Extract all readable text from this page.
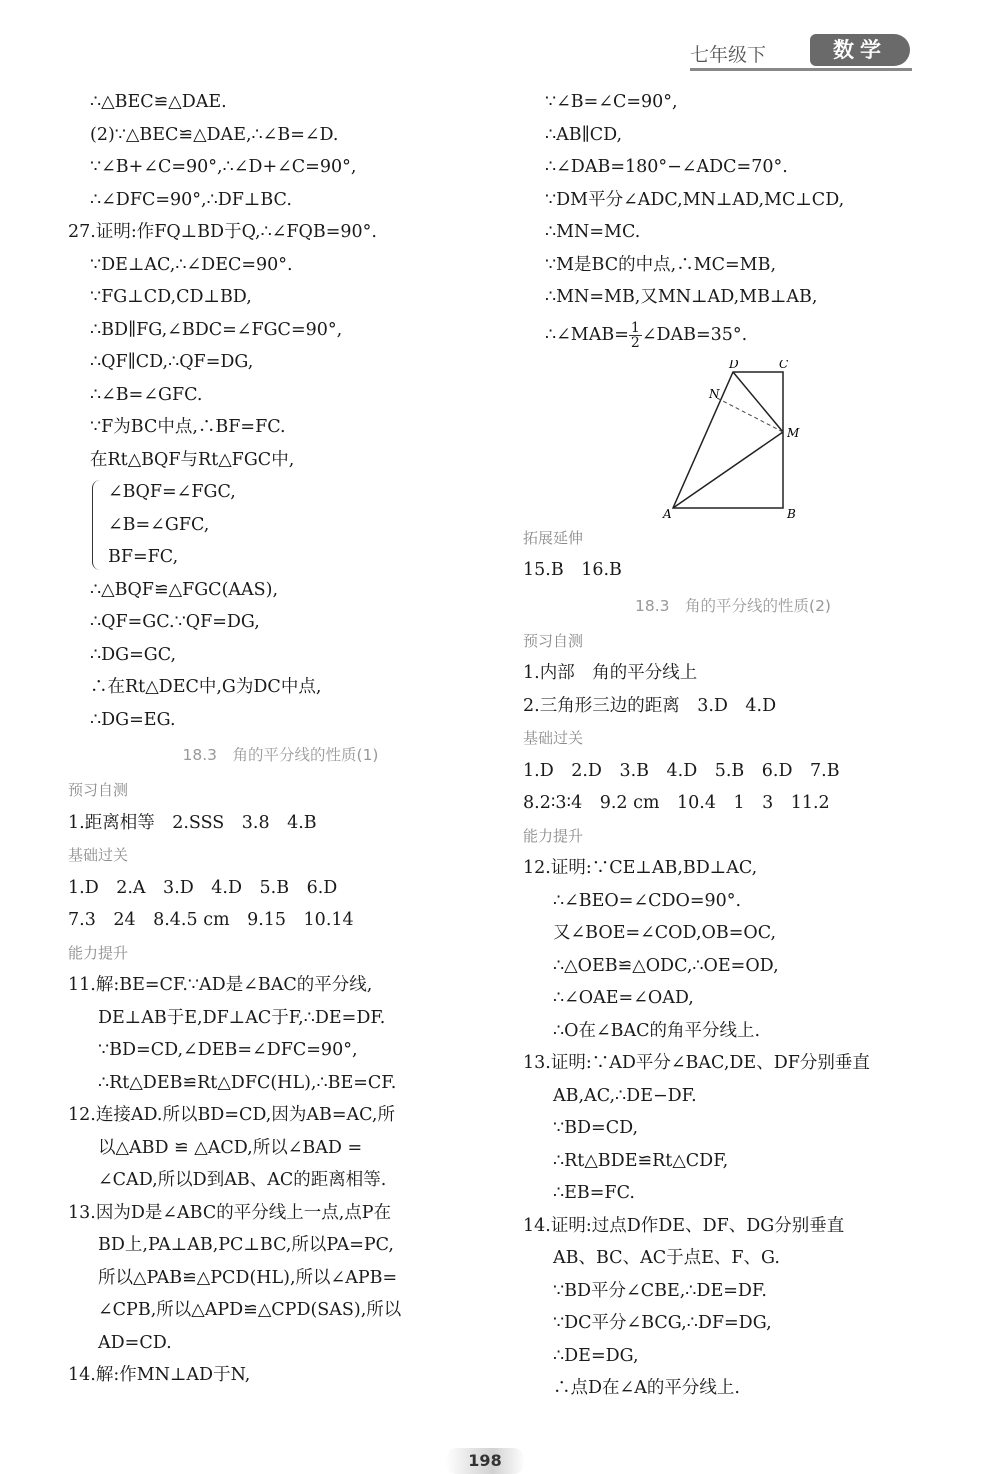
七年级下	数学
∴△BEC≌△DAE.
(2)∵△BEC≌△DAE,∴∠B=∠D.
∵∠B+∠C=90°,∴∠D+∠C=90°,
∴∠DFC=90°,∴DF⊥BC.
27.证明:作FQ⊥BD于Q,∴∠FQB=90°.
∵DE⊥AC,∴∠DEC=90°.
∵FG⊥CD,CD⊥BD,
∴BD∥FG,∠BDC=∠FGC=90°,
∴QF∥CD,∴QF=DG,
∴∠B=∠GFC.
∵F为BC中点,∴BF=FC.
在Rt△BQF与Rt△FGC中,
∠BQF=∠FGC,
∠B=∠GFC,
BF=FC,
∴△BQF≌△FGC(AAS),
∴QF=GC.∵QF=DG,
∴DG=GC,
∴在Rt△DEC中,G为DC中点,
∴DG=EG.
18.3　角的平分线的性质(1)
预习自测
1.距离相等　2.SSS　3.8　4.B
基础过关
1.D　2.A　3.D　4.D　5.B　6.D
7.3　24　8.4.5 cm　9.15　10.14
能力提升
11.解:BE=CF.∵AD是∠BAC的平分线,
DE⊥AB于E,DF⊥AC于F,∴DE=DF.
∵BD=CD,∠DEB=∠DFC=90°,
∴Rt△DEB≌Rt△DFC(HL),∴BE=CF.
12.连接AD.所以BD=CD,因为AB=AC,所
以△ABD ≌ △ACD,所以∠BAD =
∠CAD,所以D到AB、AC的距离相等.
13.因为D是∠ABC的平分线上一点,点P在
BD上,PA⊥AB,PC⊥BC,所以PA=PC,
所以△PAB≌△PCD(HL),所以∠APB=
∠CPB,所以△APD≌△CPD(SAS),所以
AD=CD.
14.解:作MN⊥AD于N,
∵∠B=∠C=90°,
∴AB∥CD,
∴∠DAB=180°−∠ADC=70°.
∵DM平分∠ADC,MN⊥AD,MC⊥CD,
∴MN=MC.
∵M是BC的中点,∴MC=MB,
∴MN=MB,又MN⊥AD,MB⊥AB,
∴∠MAB= $\frac{1}{2}$ ∠DAB=35°.
D	C
N
M
A	B
拓展延伸
15.B　16.B
18.3　角的平分线的性质(2)
预习自测
1.内部　角的平分线上
2.三角形三边的距离　3.D　4.D
基础过关
1.D　2.D　3.B　4.D　5.B　6.D　7.B
8.2∶3∶4　9.2 cm　10.4　1　3　11.2
能力提升
12.证明:∵CE⊥AB,BD⊥AC,
∴∠BEO=∠CDO=90°.
又∠BOE=∠COD,OB=OC,
∴△OEB≌△ODC,∴OE=OD,
∴∠OAE=∠OAD,
∴O在∠BAC的角平分线上.
13.证明:∵AD平分∠BAC,DE、DF分别垂直
AB,AC,∴DE−DF.
∵BD=CD,
∴Rt△BDE≌Rt△CDF,
∴EB=FC.
14.证明:过点D作DE、DF、DG分别垂直
AB、BC、AC于点E、F、G.
∵BD平分∠CBE,∴DE=DF.
∵DC平分∠BCG,∴DF=DG,
∴DE=DG,
∴点D在∠A的平分线上.
198
